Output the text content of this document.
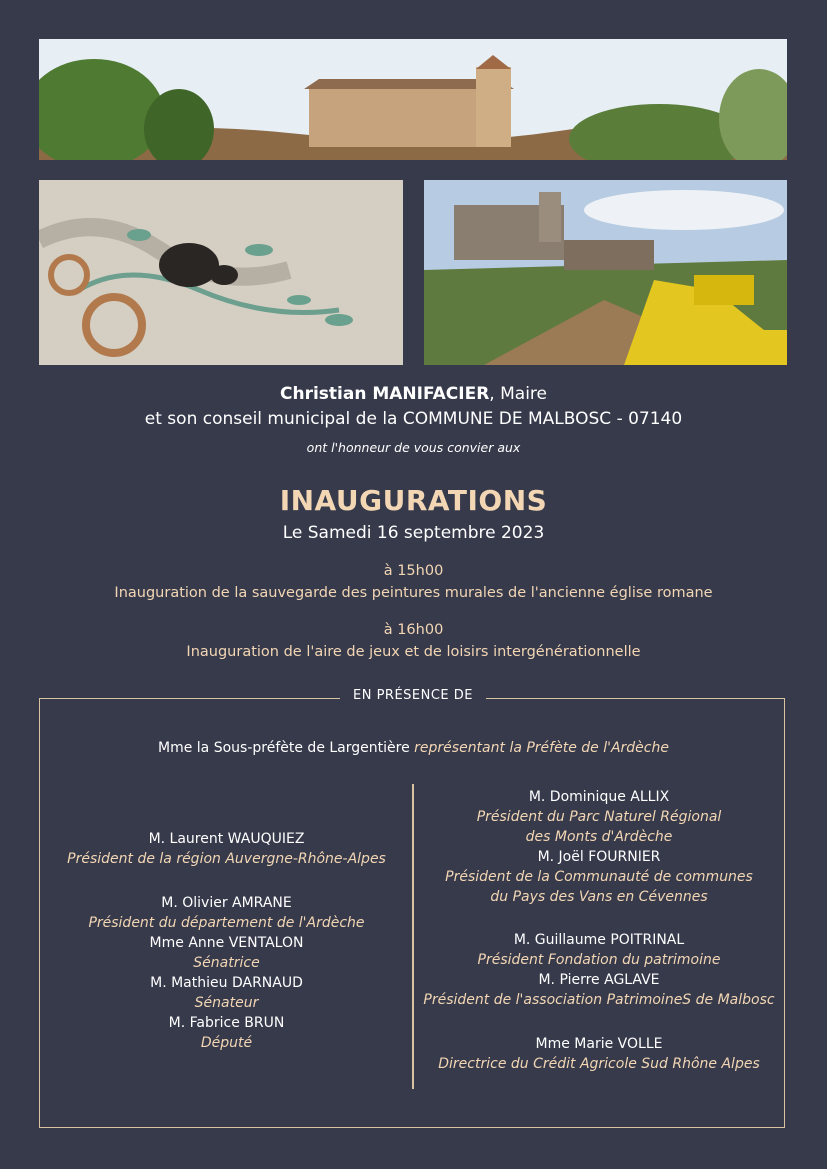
Christian MANIFACIER, Maire
et son conseil municipal de la COMMUNE DE MALBOSC - 07140
ont l'honneur de vous convier aux
INAUGURATIONS
Le Samedi 16 septembre 2023
à 15h00
Inauguration de la sauvegarde des peintures murales de l'ancienne église romane
à 16h00
Inauguration de l'aire de jeux et de loisirs intergénérationnelle
EN PRÉSENCE DE
Mme la Sous-préfète de Largentière représentant la Préfète de l'Ardèche
M. Laurent WAUQUIEZ
Président de la région Auvergne-Rhône-Alpes
M. Olivier AMRANE
Président du département de l'Ardèche
Mme Anne VENTALON
Sénatrice
M. Mathieu DARNAUD
Sénateur
M. Fabrice BRUN
Député
M. Dominique ALLIX
Président du Parc Naturel Régional
des Monts d'Ardèche
M. Joël FOURNIER
Président de la Communauté de communes
du Pays des Vans en Cévennes
M. Guillaume POITRINAL
Président Fondation du patrimoine
M. Pierre AGLAVE
Président de l'association PatrimoineS de Malbosc
Mme Marie VOLLE
Directrice du Crédit Agricole Sud Rhône Alpes
